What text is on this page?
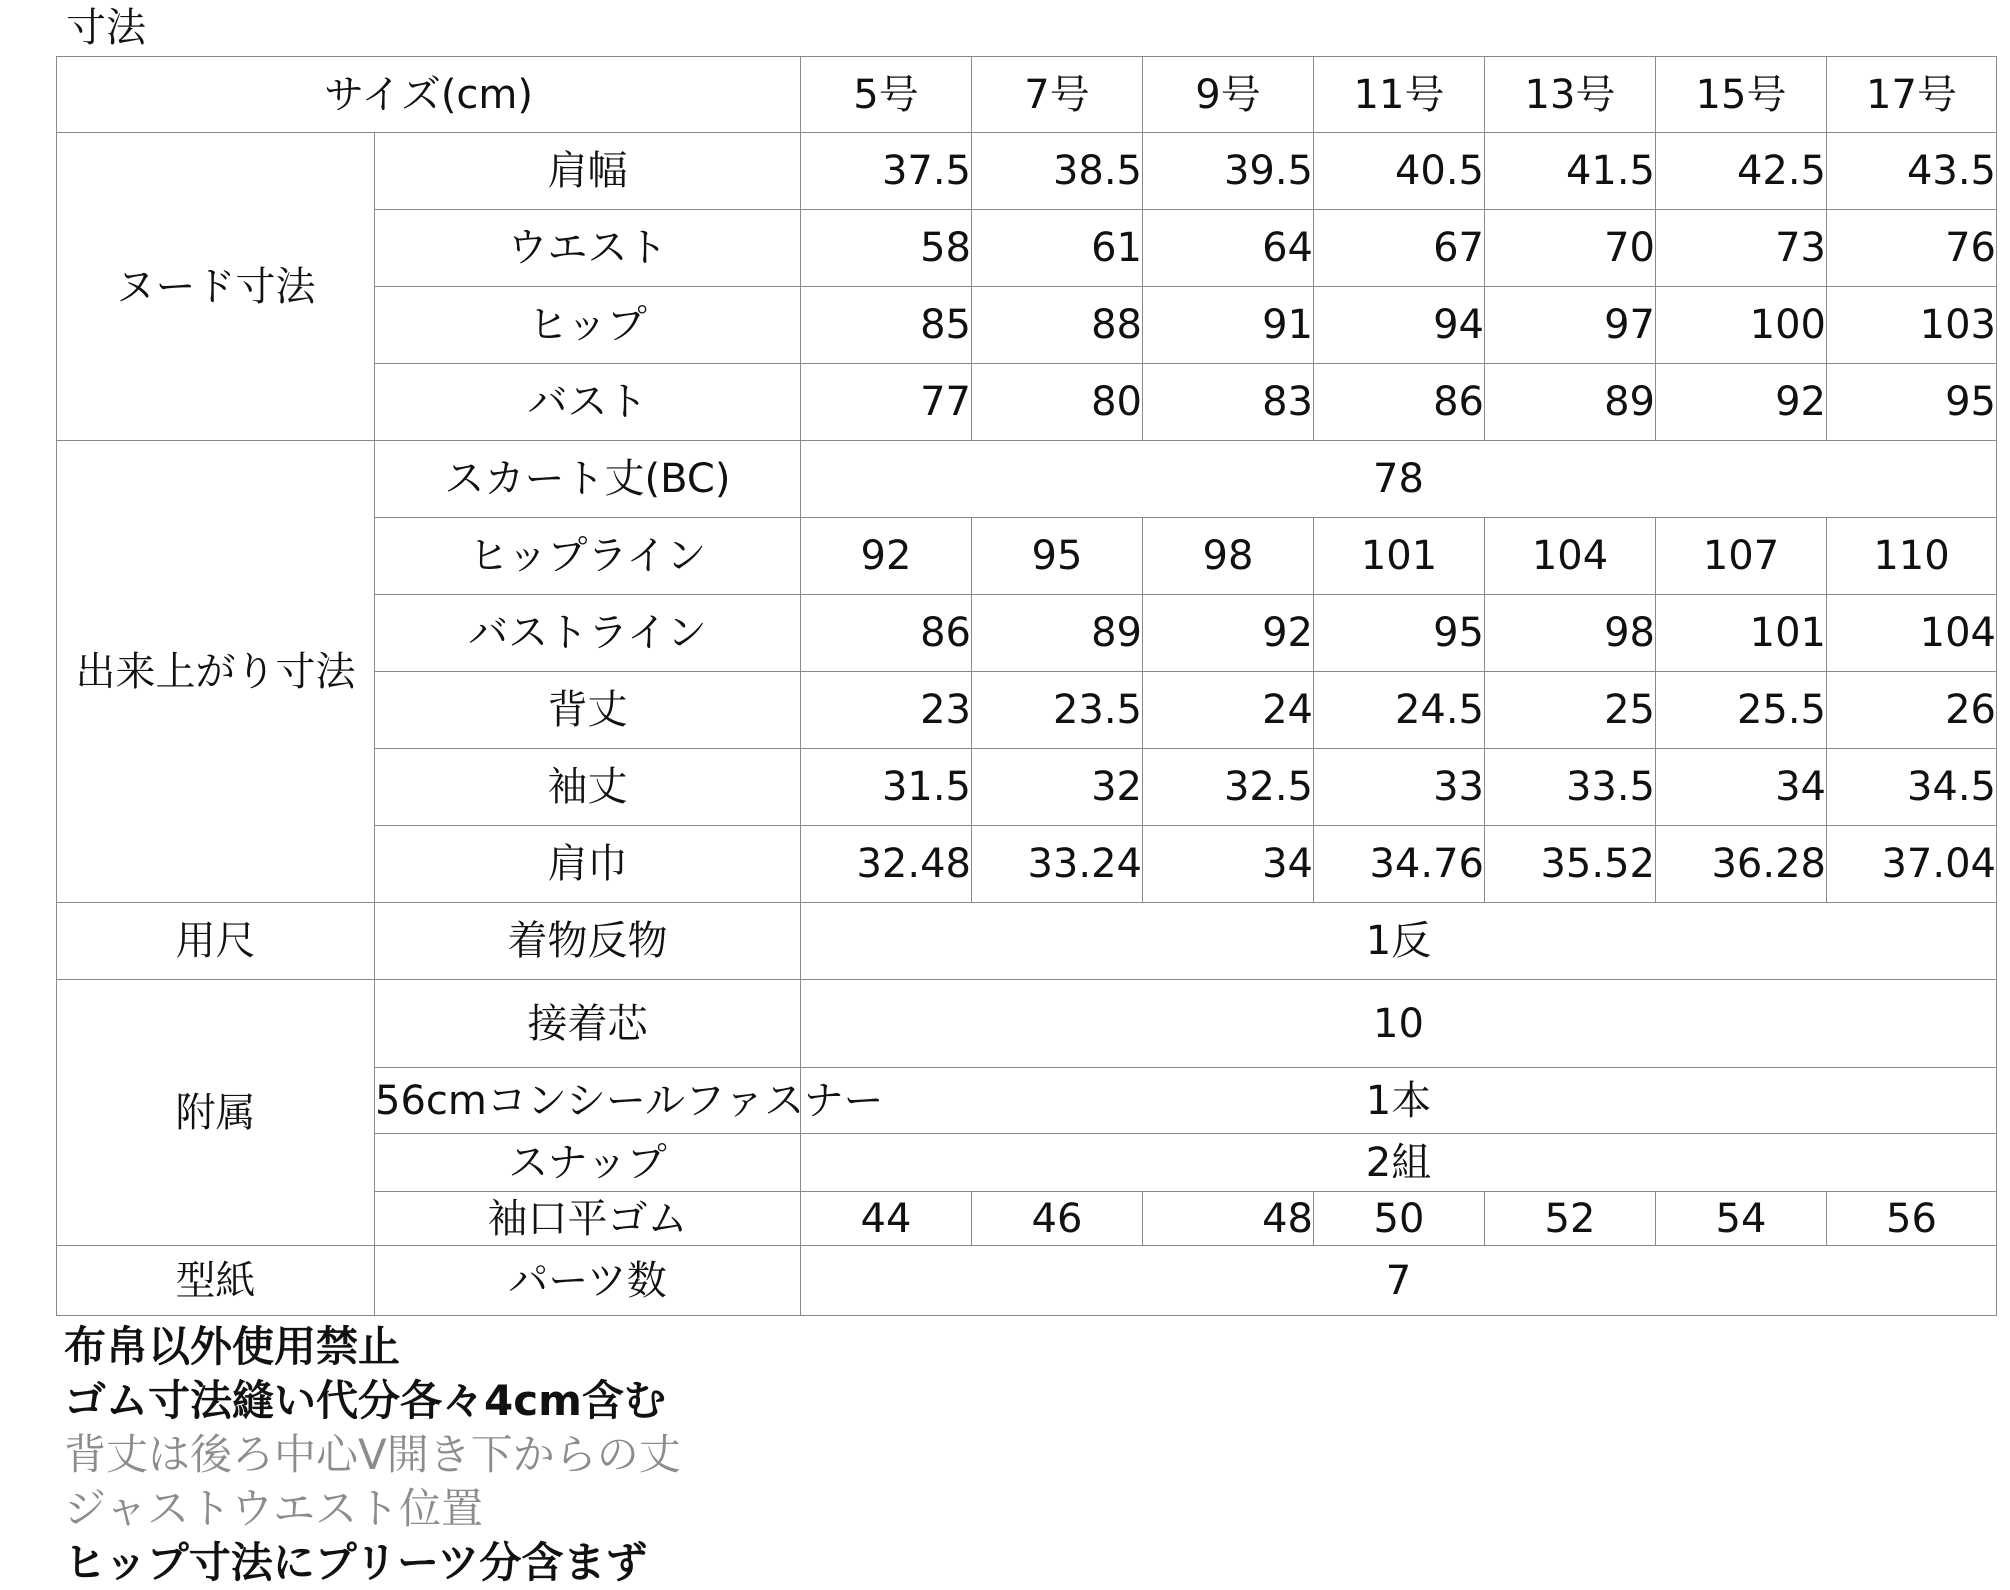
寸法
サイズ(cm)		5号	7号	9号	11号	13号	15号	17号
ヌード寸法	肩幅	37.5	38.5	39.5	40.5	41.5	42.5	43.5
	ウエスト	58	61	64	67	70	73	76
	ヒップ	85	88	91	94	97	100	103
	バスト	77	80	83	86	89	92	95
出来上がり寸法	スカート丈(BC)	78						
	ヒップライン	92	95	98	101	104	107	110
	バストライン	86	89	92	95	98	101	104
	背丈	23	23.5	24	24.5	25	25.5	26
	袖丈	31.5	32	32.5	33	33.5	34	34.5
	肩巾	32.48	33.24	34	34.76	35.52	36.28	37.04
用尺	着物反物	1反						
附属	接着芯	10						
	56cmコンシールファスナー	1本						
	スナップ	2組						
	袖口平ゴム	44	46	48	50	52	54	56
型紙	パーツ数	7						
布帛以外使用禁止
ゴム寸法縫い代分各々4cm含む
背丈は後ろ中心V開き下からの丈
ジャストウエスト位置
ヒップ寸法にプリーツ分含まず
